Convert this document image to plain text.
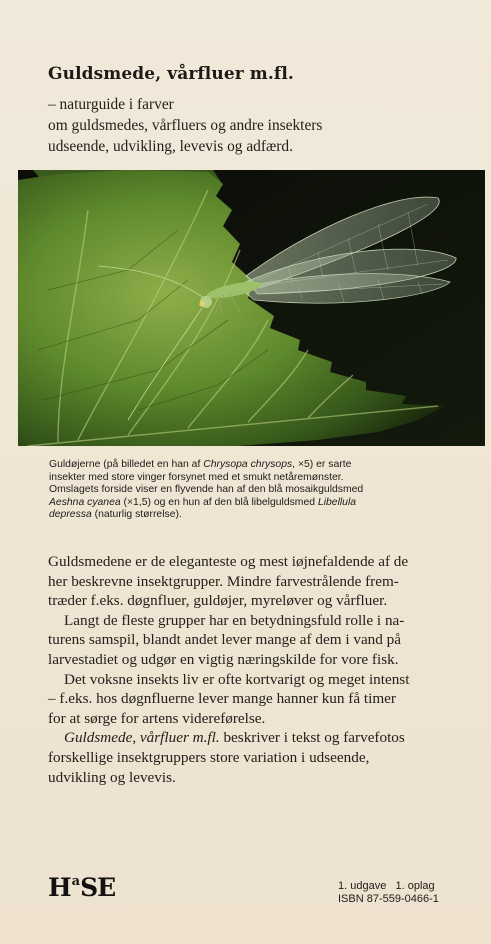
Guldsmede, vårfluer m.fl.
– naturguide i farver
om guldsmedes, vårfluers og andre insekters
udseende, udvikling, levevis og adfærd.
Guldøjerne (på billedet en han af Chrysopa chrysops, ×5) er sarte
insekter med store vinger forsynet med et smukt netåremønster.
Omslagets forside viser en flyvende han af den blå mosaikguldsmed
Aeshna cyanea (×1,5) og en hun af den blå libelguldsmed Libellula
depressa (naturlig størrelse).

Guldsmedene er de eleganteste og mest iøjnefaldende af de
her beskrevne insektgrupper. Mindre farvestrålende frem-
træder f.eks. døgnfluer, guldøjer, myreløver og vårfluer.

Langt de fleste grupper har en betydningsfuld rolle i na-
turens samspil, blandt andet lever mange af dem i vand på
larvestadiet og udgør en vigtig næringskilde for vore fisk.

Det voksne insekts liv er ofte kortvarigt og meget intenst
– f.eks. hos døgnfluerne lever mange hanner kun få timer
for at sørge for artens videreførelse.

Guldsmede, vårfluer m.fl. beskriver i tekst og farvefotos
forskellige insektgruppers store variation i udseende,
udvikling og levevis.

H a SE	1. udgave   1. oplag
ISBN 87-559-0466-1
